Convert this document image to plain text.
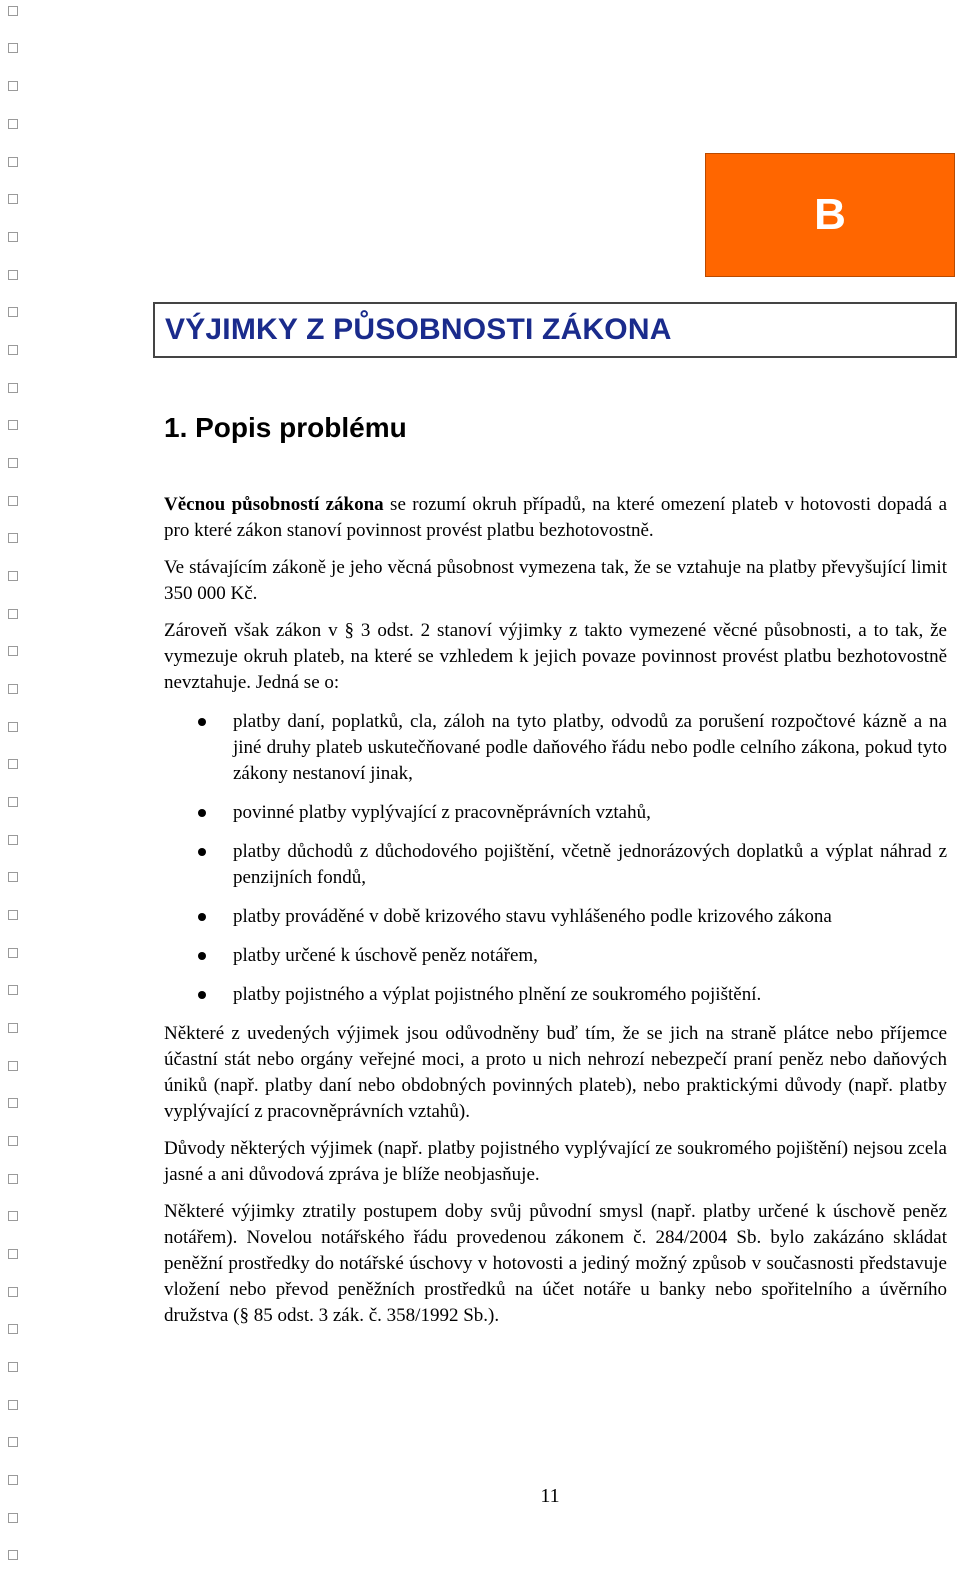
B
VÝJIMKY Z PŮSOBNOSTI ZÁKONA
1. Popis problému

Věcnou působností zákona se rozumí okruh případů, na které omezení plateb v hotovosti dopadá a pro které zákon stanoví povinnost provést platbu bezhotovostně.

Ve stávajícím zákoně je jeho věcná působnost vymezena tak, že se vztahuje na platby převyšující limit 350 000 Kč.

Zároveň však zákon v § 3 odst. 2 stanoví výjimky z takto vymezené věcné působnosti, a to tak, že vymezuje okruh plateb, na které se vzhledem k jejich povaze povinnost provést platbu bezhotovostně nevztahuje. Jedná se o:

platby daní, poplatků, cla, záloh na tyto platby, odvodů za porušení rozpočtové kázně a na jiné druhy plateb uskutečňované podle daňového řádu nebo podle celního zákona, pokud tyto zákony nestanoví jinak,
povinné platby vyplývající z pracovněprávních vztahů,
platby důchodů z důchodového pojištění, včetně jednorázových doplatků a výplat náhrad z penzijních fondů,
platby prováděné v době krizového stavu vyhlášeného podle krizového zákona
platby určené k úschově peněz notářem,
platby pojistného a výplat pojistného plnění ze soukromého pojištění.

Některé z uvedených výjimek jsou odůvodněny buď tím, že se jich na straně plátce nebo příjemce účastní stát nebo orgány veřejné moci, a proto u nich nehrozí nebezpečí praní peněz nebo daňových úniků (např. platby daní nebo obdobných povinných plateb), nebo praktickými důvody (např. platby vyplývající z pracovněprávních vztahů).

Důvody některých výjimek (např. platby pojistného vyplývající ze soukromého pojištění) nejsou zcela jasné a ani důvodová zpráva je blíže neobjasňuje.

Některé výjimky ztratily postupem doby svůj původní smysl (např. platby určené k úschově peněz notářem). Novelou notářského řádu provedenou zákonem č. 284/2004 Sb. bylo zakázáno skládat peněžní prostředky do notářské úschovy v hotovosti a jediný možný způsob v současnosti představuje vložení nebo převod peněžních prostředků na účet notáře u banky nebo spořitelního a úvěrního družstva (§ 85 odst. 3 zák. č. 358/1992 Sb.).

11
